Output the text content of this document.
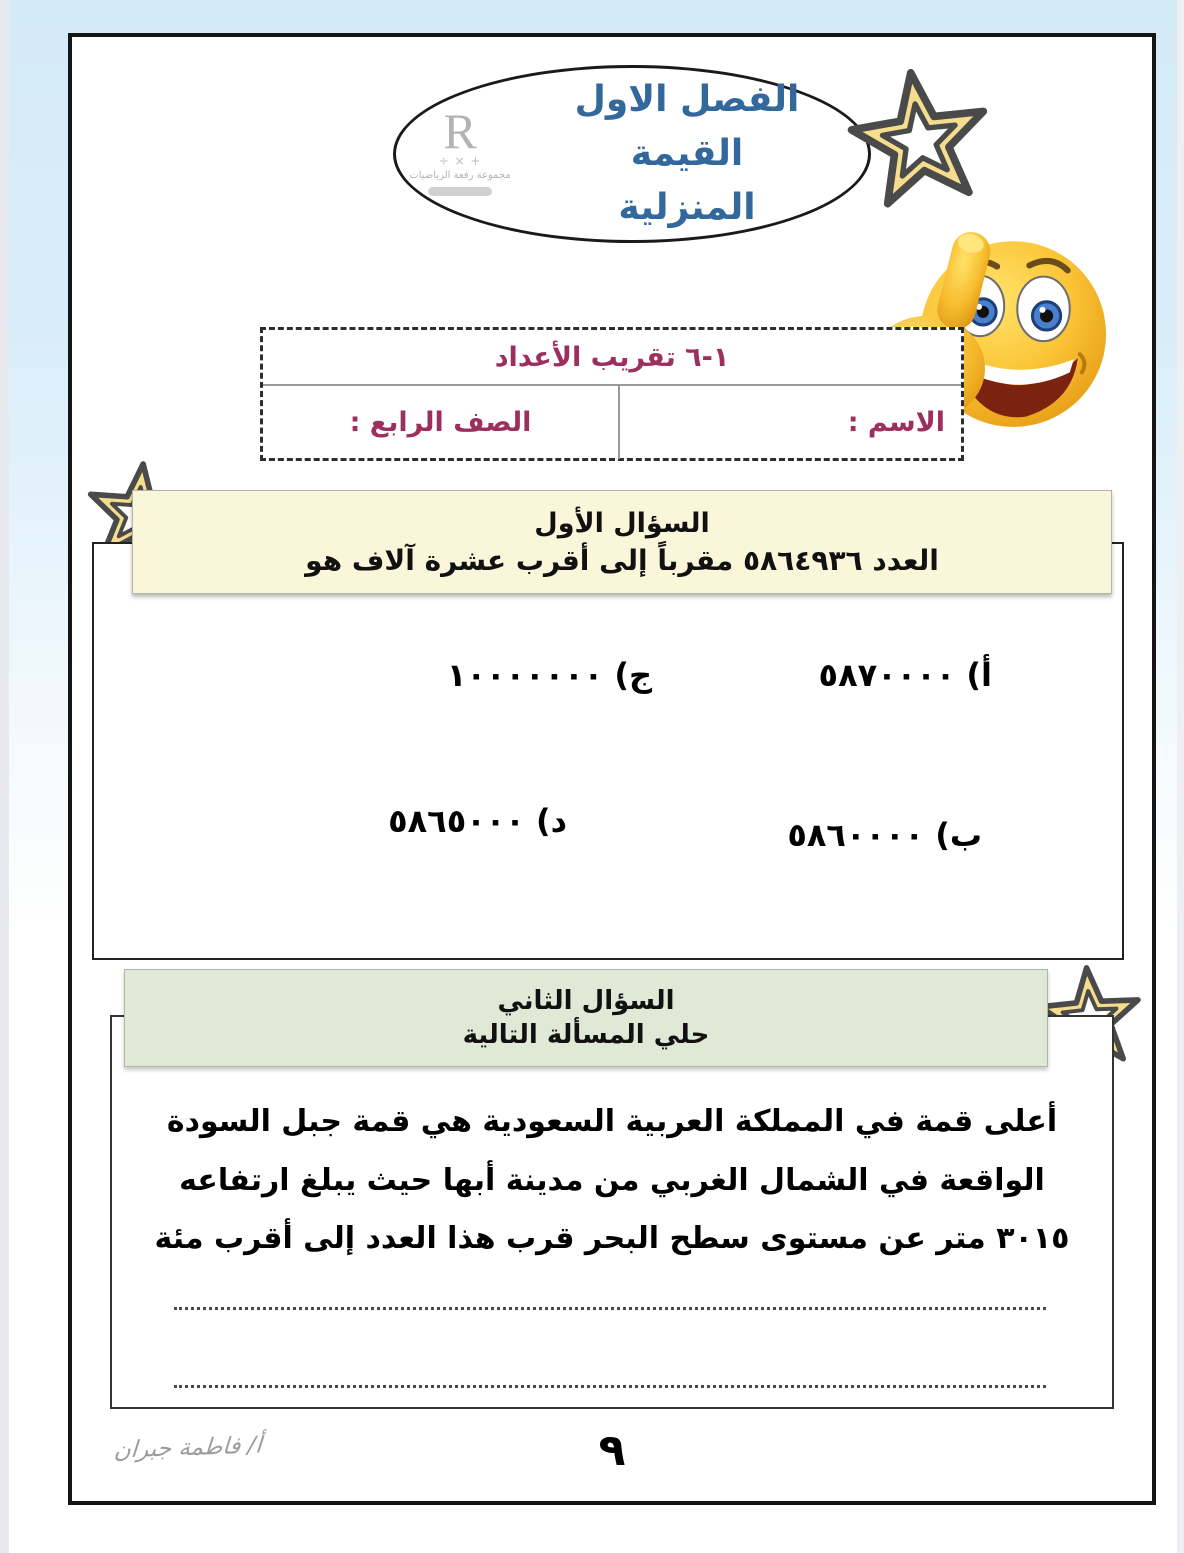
الفصل الاول القيمة
المنزلية
R
+ × ÷
مجموعة رفعة الرياضيات
١-٦ تقريب الأعداد
الاسم :
الصف الرابع :
أ) ٥٨٧٠٠٠٠
ج) ١٠٠٠٠٠٠٠
ب) ٥٨٦٠٠٠٠
د) ٥٨٦٥٠٠٠
السؤال الأول
العدد ٥٨٦٤٩٣٦ مقرباً إلى أقرب عشرة آلاف هو
أعلى قمة في المملكة العربية السعودية هي قمة جبل السودة الواقعة في الشمال الغربي من مدينة أبها حيث يبلغ ارتفاعه ٣٠١٥ متر عن مستوى سطح البحر قرب هذا العدد إلى أقرب مئة
السؤال الثاني
حلي المسألة التالية
٩
أ/ فاطمة جبران
